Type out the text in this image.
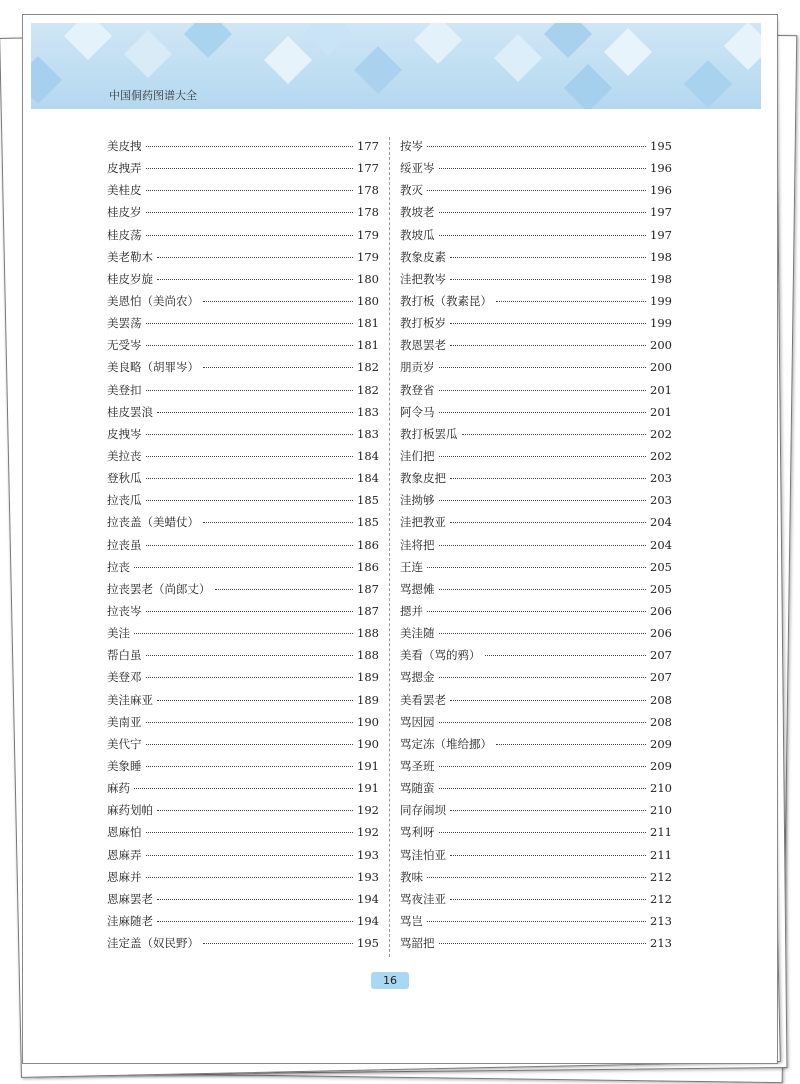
中国侗药图谱大全
美皮拽	177
皮拽弄	177
美桂皮	178
桂皮岁	178
桂皮荡	179
美老勒木	179
桂皮岁旋	180
美恩怕（美尚农）	180
美罢荡	181
无受岑	181
美良略（胡罪岑）	182
美登扣	182
桂皮罢浪	183
皮拽岑	183
美拉丧	184
登秋瓜	184
拉丧瓜	185
拉丧盖（美蜡仗）	185
拉丧虽	186
拉丧	186
拉丧罢老（尚郎丈）	187
拉丧岑	187
美洼	188
帮白虽	188
美登邓	189
美洼麻亚	189
美南亚	190
美代宁	190
美象睡	191
麻药	191
麻药划帕	192
恩麻怕	192
恩麻弄	193
恩麻并	193
恩麻罢老	194
洼麻随老	194
洼定盖（奴民野）	195
按岑	195
绥亚岑	196
教灭	196
教坡老	197
教坡瓜	197
教象皮素	198
洼把教岑	198
教打板（教素昆）	199
教打板岁	199
教恩罢老	200
朋贡岁	200
教登省	201
阿令马	201
教打板罢瓜	202
洼们把	202
教象皮把	203
洼拗够	203
洼把教亚	204
洼将把	204
王连	205
骂摁傩	205
摁并	206
美洼随	206
美看（骂的鸦）	207
骂摁金	207
美看罢老	208
骂因园	208
骂定冻（堆给挪）	209
骂圣班	209
骂随蛮	210
同存闹坝	210
骂利呀	211
骂洼怕亚	211
教味	212
骂夜洼亚	212
骂岂	213
骂韶把	213
16
